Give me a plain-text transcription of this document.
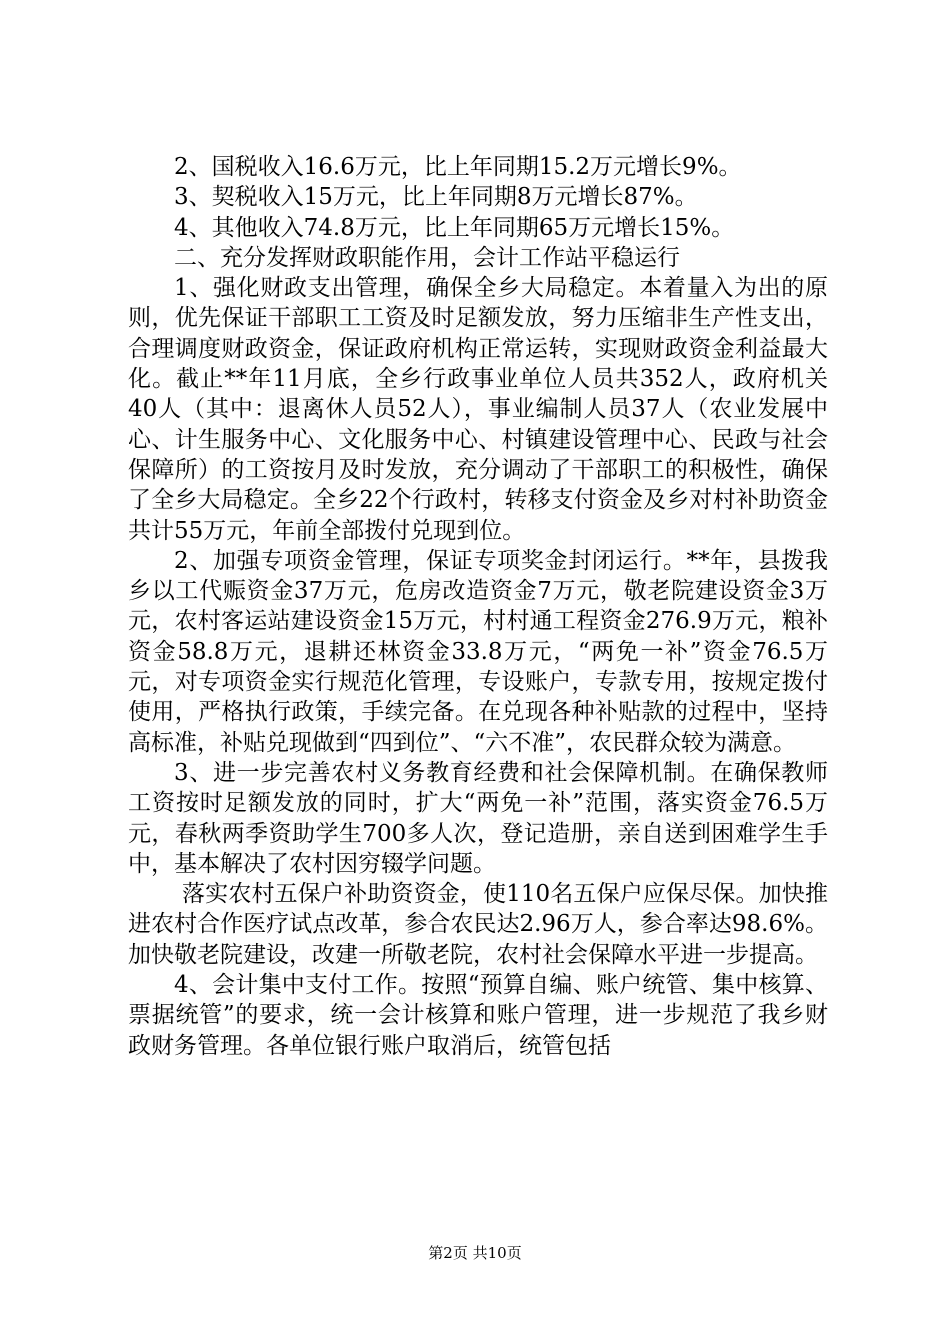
2、国税收入16.6万元，比上年同期15.2万元增长9%。

3、契税收入15万元，比上年同期8万元增长87%。

4、其他收入74.8万元，比上年同期65万元增长15%。

二、充分发挥财政职能作用，会计工作站平稳运行

1、强化财政支出管理，确保全乡大局稳定。本着量入为出的原则，优先保证干部职工工资及时足额发放，努力压缩非生产性支出，合理调度财政资金，保证政府机构正常运转，实现财政资金利益最大化。截止**年11月底，全乡行政事业单位人员共352人，政府机关40人（其中：退离休人员52人），事业编制人员37人（农业发展中心、计生服务中心、文化服务中心、村镇建设管理中心、民政与社会保障所）的工资按月及时发放，充分调动了干部职工的积极性，确保了全乡大局稳定。全乡22个行政村，转移支付资金及乡对村补助资金共计55万元，年前全部拨付兑现到位。

2、加强专项资金管理，保证专项奖金封闭运行。**年，县拨我乡以工代赈资金37万元，危房改造资金7万元，敬老院建设资金3万元，农村客运站建设资金15万元，村村通工程资金276.9万元，粮补资金58.8万元，退耕还林资金33.8万元，“两免一补”资金76.5万元，对专项资金实行规范化管理，专设账户，专款专用，按规定拨付使用，严格执行政策，手续完备。在兑现各种补贴款的过程中，坚持高标准，补贴兑现做到“四到位”、“六不准”，农民群众较为满意。

3、进一步完善农村义务教育经费和社会保障机制。在确保教师工资按时足额发放的同时，扩大“两免一补”范围，落实资金76.5万元，春秋两季资助学生700多人次，登记造册，亲自送到困难学生手中，基本解决了农村因穷辍学问题。

落实农村五保户补助资资金，使110名五保户应保尽保。加快推进农村合作医疗试点改革，参合农民达2.96万人，参合率达98.6%。加快敬老院建设，改建一所敬老院，农村社会保障水平进一步提高。

4、会计集中支付工作。按照“预算自编、账户统管、集中核算、票据统管”的要求，统一会计核算和账户管理，进一步规范了我乡财政财务管理。各单位银行账户取消后，统管包括

第2页 共10页
